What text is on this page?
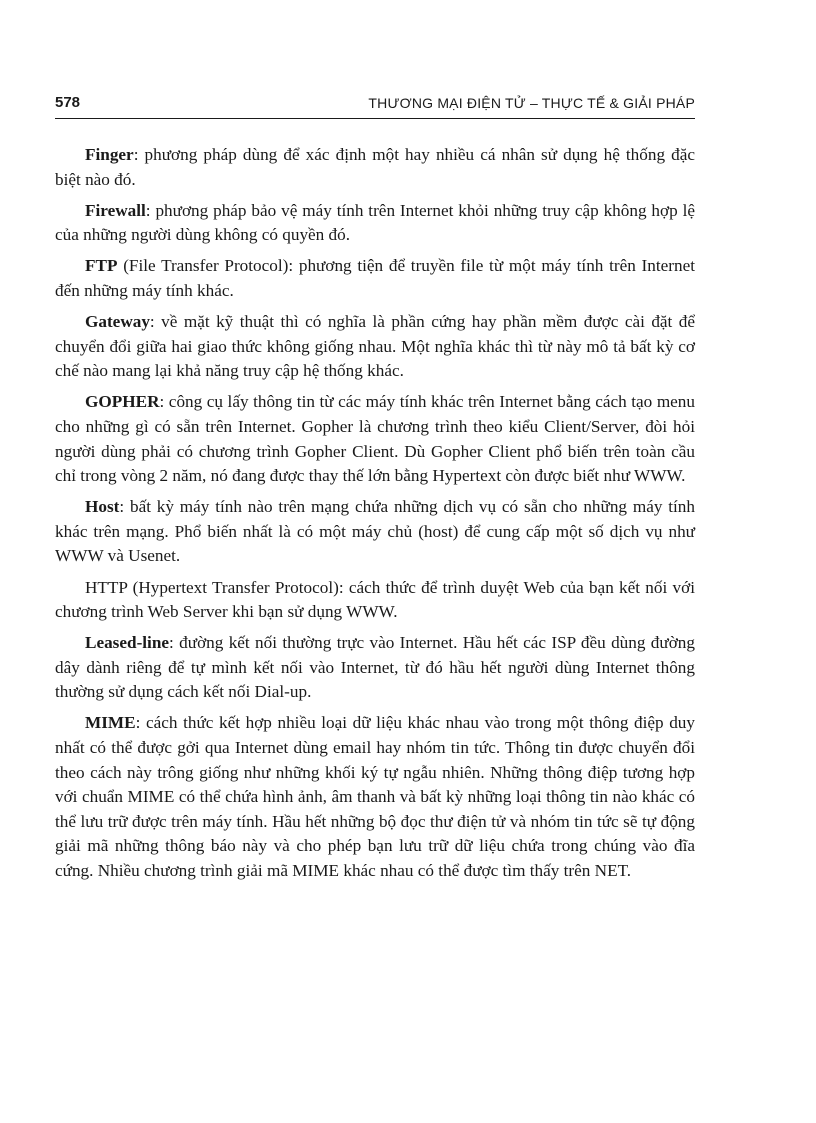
578	THƯƠNG MẠI ĐIỆN TỬ – THỰC TẾ & GIẢI PHÁP

Finger: phương pháp dùng để xác định một hay nhiều cá nhân sử dụng hệ thống đặc biệt nào đó.

Firewall: phương pháp bảo vệ máy tính trên Internet khỏi những truy cập không hợp lệ của những người dùng không có quyền đó.

FTP (File Transfer Protocol): phương tiện để truyền file từ một máy tính trên Internet đến những máy tính khác.

Gateway: về mặt kỹ thuật thì có nghĩa là phần cứng hay phần mềm được cài đặt để chuyển đổi giữa hai giao thức không giống nhau. Một nghĩa khác thì từ này mô tả bất kỳ cơ chế nào mang lại khả năng truy cập hệ thống khác.

GOPHER: công cụ lấy thông tin từ các máy tính khác trên Internet bằng cách tạo menu cho những gì có sẵn trên Internet. Gopher là chương trình theo kiểu Client/Server, đòi hỏi người dùng phải có chương trình Gopher Client. Dù Gopher Client phổ biến trên toàn cầu chỉ trong vòng 2 năm, nó đang được thay thế lớn bằng Hypertext còn được biết như WWW.

Host: bất kỳ máy tính nào trên mạng chứa những dịch vụ có sẵn cho những máy tính khác trên mạng. Phổ biến nhất là có một máy chủ (host) để cung cấp một số dịch vụ như WWW và Usenet.

HTTP (Hypertext Transfer Protocol): cách thức để trình duyệt Web của bạn kết nối với chương trình Web Server khi bạn sử dụng WWW.

Leased-line: đường kết nối thường trực vào Internet. Hầu hết các ISP đều dùng đường dây dành riêng để tự mình kết nối vào Internet, từ đó hầu hết người dùng Internet thông thường sử dụng cách kết nối Dial-up.

MIME: cách thức kết hợp nhiều loại dữ liệu khác nhau vào trong một thông điệp duy nhất có thể được gởi qua Internet dùng email hay nhóm tin tức. Thông tin được chuyển đổi theo cách này trông giống như những khối ký tự ngẫu nhiên. Những thông điệp tương hợp với chuẩn MIME có thể chứa hình ảnh, âm thanh và bất kỳ những loại thông tin nào khác có thể lưu trữ được trên máy tính. Hầu hết những bộ đọc thư điện tử và nhóm tin tức sẽ tự động giải mã những thông báo này và cho phép bạn lưu trữ dữ liệu chứa trong chúng vào đĩa cứng. Nhiều chương trình giải mã MIME khác nhau có thể được tìm thấy trên NET.
